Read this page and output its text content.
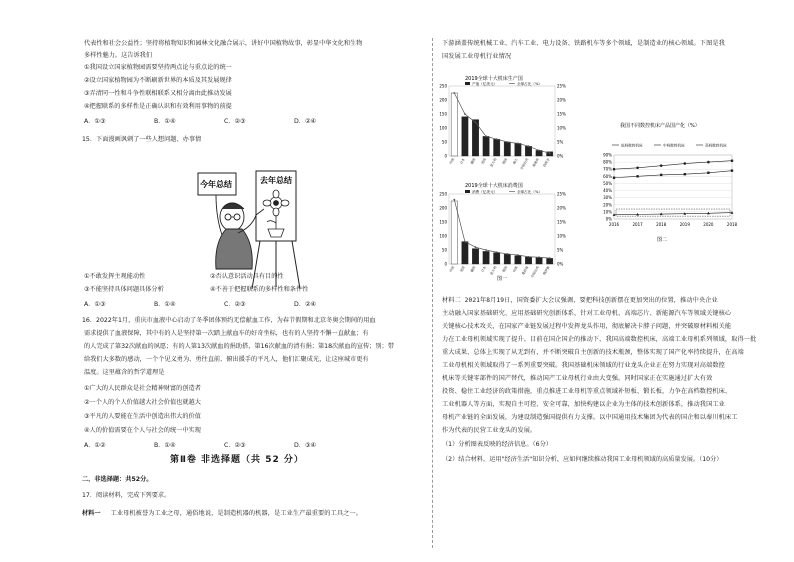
代表性和社会公益性；坚持将植物知识和园林文化融合展示，讲好中国植物故事，彰显中华文化和生物
多样性魅力。这告诉我们
①我国设立国家植物园需要坚持两点论与重点论的统一
②设立国家植物园为不断刷新世界的本质及其发展规律
③弄清同一性和斗争性联相联系又相分离由此推动发展
④把握联系的多样性是正确认识和有效利用事物的前提
A．①③	B．①④	C．②③	D．②④
15．下面漫画讽刺了一些人想问题、办事情
去年总结
今年总结
①不敢发挥主观能动性	②否认意识活动具有目的性
③不能坚持具体问题具体分析	④不善于把握联系的多样性和条件性
A．①③	B．①④	C．②③	D．②④
16．2022年1月，重庆市血液中心启动了冬季团体预约无偿献血工作，为春节假期和北京冬奥会期间的用血
需求提供了血液保障，其中有的人是坚持第一次踏上献血车的好奇坐标，也有的人坚持不懈一直献血；有
的人完成了第32次献血的夙愿；有的人第13次献血的捐助搭，第16次献血的清有捐；第18次献血的宣传；别；带
给我们大多数的感动，一个个见义勇为、勇往直前、俯出援手的平凡人，他们汇聚成光，让这座城市更有
温度。这里蕴含的哲学道理是
①广大的人民群众是社会精神财富的创造者
②一个人的个人价值越大社会价值也就越大
③平凡的人要能在生活中创造出伟大的价值
④人的价值需要在个人与社会的统一中实现
A．①②	B．①④	C．②③	D．③④
第Ⅱ卷 非选择题（共 52 分）
二、非选择题：共52分。
17．阅读材料，完成下列要求。
材料一 工业母机被誉为工业之母，通俗地说，是制造机器的机器，是工业生产最重要的工具之一。
下游涵盖传统机械工业、汽车工业、电力设备、铁路机车等多个领域，是制造业的核心领域。下图是我
国发展工业母机行业情况
2019全球十大机床生产国
2019全球十大机床消费国
0
50
100
150
200
250
0%
5%
10%
15%
20%
25%
产值（亿美元）	全球占比（%）
中国 日本 德国 美国 意大利 韩国 瑞士 中国台湾 奥地利 西班牙
0
50
100
150
200
250
0%
5%
10%
15%
20%
25%
消费（亿美元）	全球占比（%）
中国 美国 德国 日本 意大利 韩国 印度 墨西哥 中国台湾 俄罗斯
图一
我国不同数控机床产品国产化（%）
0%
10%
20%
30%
40%
50%
60%
70%
80%
90%
2016	2017	2018	2019	2020	2018
低档数控机床	中档数控机床	高档数控机床
图二
材料二 2021年8月19日，国资委扩大会议强调，要把科技创新摆在更加突出的位置，推动中央企业
主动融入国家基础研究、应用基础研究创新体系，针对工业母机、高端芯片、新能源汽车等领域关键核心
关键核心技术攻关，在国家产业链发展过程中发挥龙头作用，彻底解决卡脖子问题，并突破原材料相关能
力在工业母机领域实现了提升。目前在国企国企的推动下，我国高端数控机床，高端工业母机系列领域，取得一批
重大成果，总体上实现了从无到有，并不断突破自主创新的技术瓶颈，整体实现了国产化率持续提升，在高端
工业母机相关领域取得了一系列重要突破。我国基础机床领域的行业龙头企业正在努力实现对高端数控
机床等关键零部件的国产替代，推动国产工业母机行业由大变强。同时国家正在实施通过扩大有效
投资、稳住工业经济的政策措施，重点推进工业母机等重点领域补短板、锻长板，力争在高档数控机床、
工业机器人等方面，实现自主可控、安全可靠，加快构建以企业为主体的技术创新体系，推动我国工业
母机产业链的全面发展，为建设制造强国提供有力支撑。以中国通用技术集团为代表的国企和以秦川机床工
作为代表的民营工业龙头的发展。
（1）分析图表反映的经济信息。（6分）
（2）结合材料，运用"经济生活"知识分析，应如何继续推动我国工业母机领域的高质量发展。（10分）
